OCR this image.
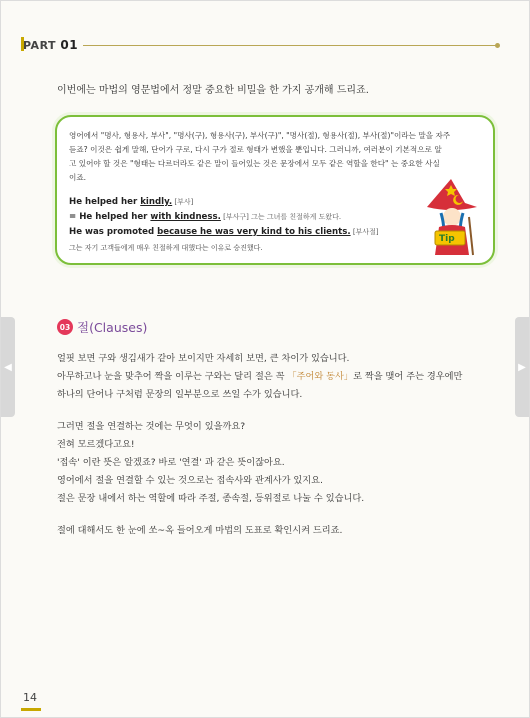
PART 01
이번에는 마법의 영문법에서 정말 중요한 비밀을 한 가지 공개해 드리죠.
영어에서 "명사, 형용사, 부사", "명사(구), 형용사(구), 부사(구)", "명사(절), 형용사(절), 부사(절)"이라는 말을 자주
듣죠? 이것은 쉽게 말해, 단어가 구로, 다시 구가 절로 형태가 변했을 뿐입니다. 그러니까, 여러분이 기본적으로 알
고 있어야 할 것은 "형태는 다르더라도 같은 말이 들어있는 것은 문장에서 모두 같은 역할을 한다" 는 중요한 사실
이죠.
He helped her kindly. [부사]
= He helped her with kindness. [부사구] 그는 그녀를 친절하게 도왔다.
He was promoted because he was very kind to his clients. [부사절]
그는 자기 고객들에게 매우 친절하게 대했다는 이유로 승진했다.
Tip
◀	▶
03 절(Clauses)
얼핏 보면 구와 생김새가 같아 보이지만 자세히 보면, 큰 차이가 있습니다.
아무하고나 눈을 맞추어 짝을 이루는 구와는 달리 절은 꼭 「주어와 동사」로 짝을 맺어 주는 경우에만
하나의 단어나 구처럼 문장의 일부분으로 쓰일 수가 있습니다.
그러면 절을 연결하는 것에는 무엇이 있을까요?
전혀 모르겠다고요!
'접속' 이란 뜻은 알겠죠? 바로 '연결' 과 같은 뜻이잖아요.
영어에서 절을 연결할 수 있는 것으로는 접속사와 관계사가 있지요.
절은 문장 내에서 하는 역할에 따라 주절, 종속절, 등위절로 나눌 수 있습니다.
절에 대해서도 한 눈에 쏘~옥 들어오게 마법의 도표로 확인시켜 드리죠.
14
